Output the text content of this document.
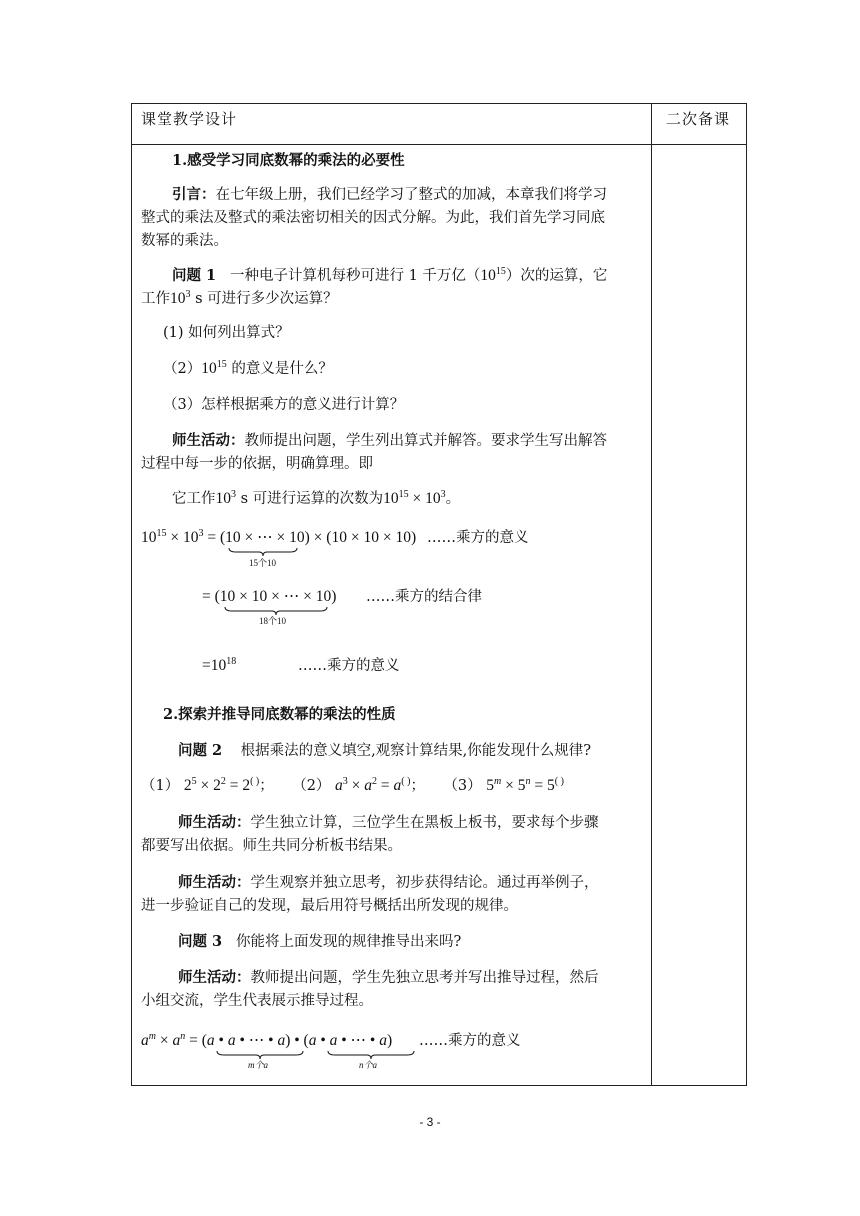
课堂教学设计	二次备课
1.感受学习同底数幂的乘法的必要性
引言：在七年级上册，我们已经学习了整式的加减，本章我们将学习
整式的乘法及整式的乘法密切相关的因式分解。为此，我们首先学习同底
数幂的乘法。
问题 1 一种电子计算机每秒可进行 1 千万亿$(10^{15})$次的运算，它
工作$10^3$ s 可进行多少次运算？
(1) 如何列出算式？
$(2)10^{15}$ 的意义是什么？
（3）怎样根据乘方的意义进行计算？
师生活动：教师提出问题，学生列出算式并解答。要求学生写出解答
过程中每一步的依据，明确算理。即
它工作$10^3$ s 可进行运算的次数为$10^{15} \times 10^3$。
$10^{15} \times 10^3 = (10$ × ⋯ × 10) × (10 × 10 × 10)
15个10
……乘方的意义
= (10 × 10 × ⋯ × 10)
18个10
……乘方的结合律
$=10^{18}$	……乘方的意义
2.探索并推导同底数幂的乘法的性质
问题 2 根据乘法的意义填空,观察计算结果,你能发现什么规律?
（1） $2^5 \times 2^2 = 2^{( )}$；    （2） $a^3 \times a^2 = a^{( )}$；    （3） $5^m \times 5^n = 5^{( )}$
师生活动：学生独立计算，三位学生在黑板上板书，要求每个步骤
都要写出依据。师生共同分析板书结果。
师生活动：学生观察并独立思考，初步获得结论。通过再举例子，
进一步验证自己的发现，最后用符号概括出所发现的规律。
问题 3 你能将上面发现的规律推导出来吗?
师生活动：教师提出问题，学生先独立思考并写出推导过程，然后
小组交流，学生代表展示推导过程。
$a^m \times a^n = (a$ • a • ⋯ • a) • (a • a • ⋯ • a)
m个a	n个a
……乘方的意义
- 3 -
